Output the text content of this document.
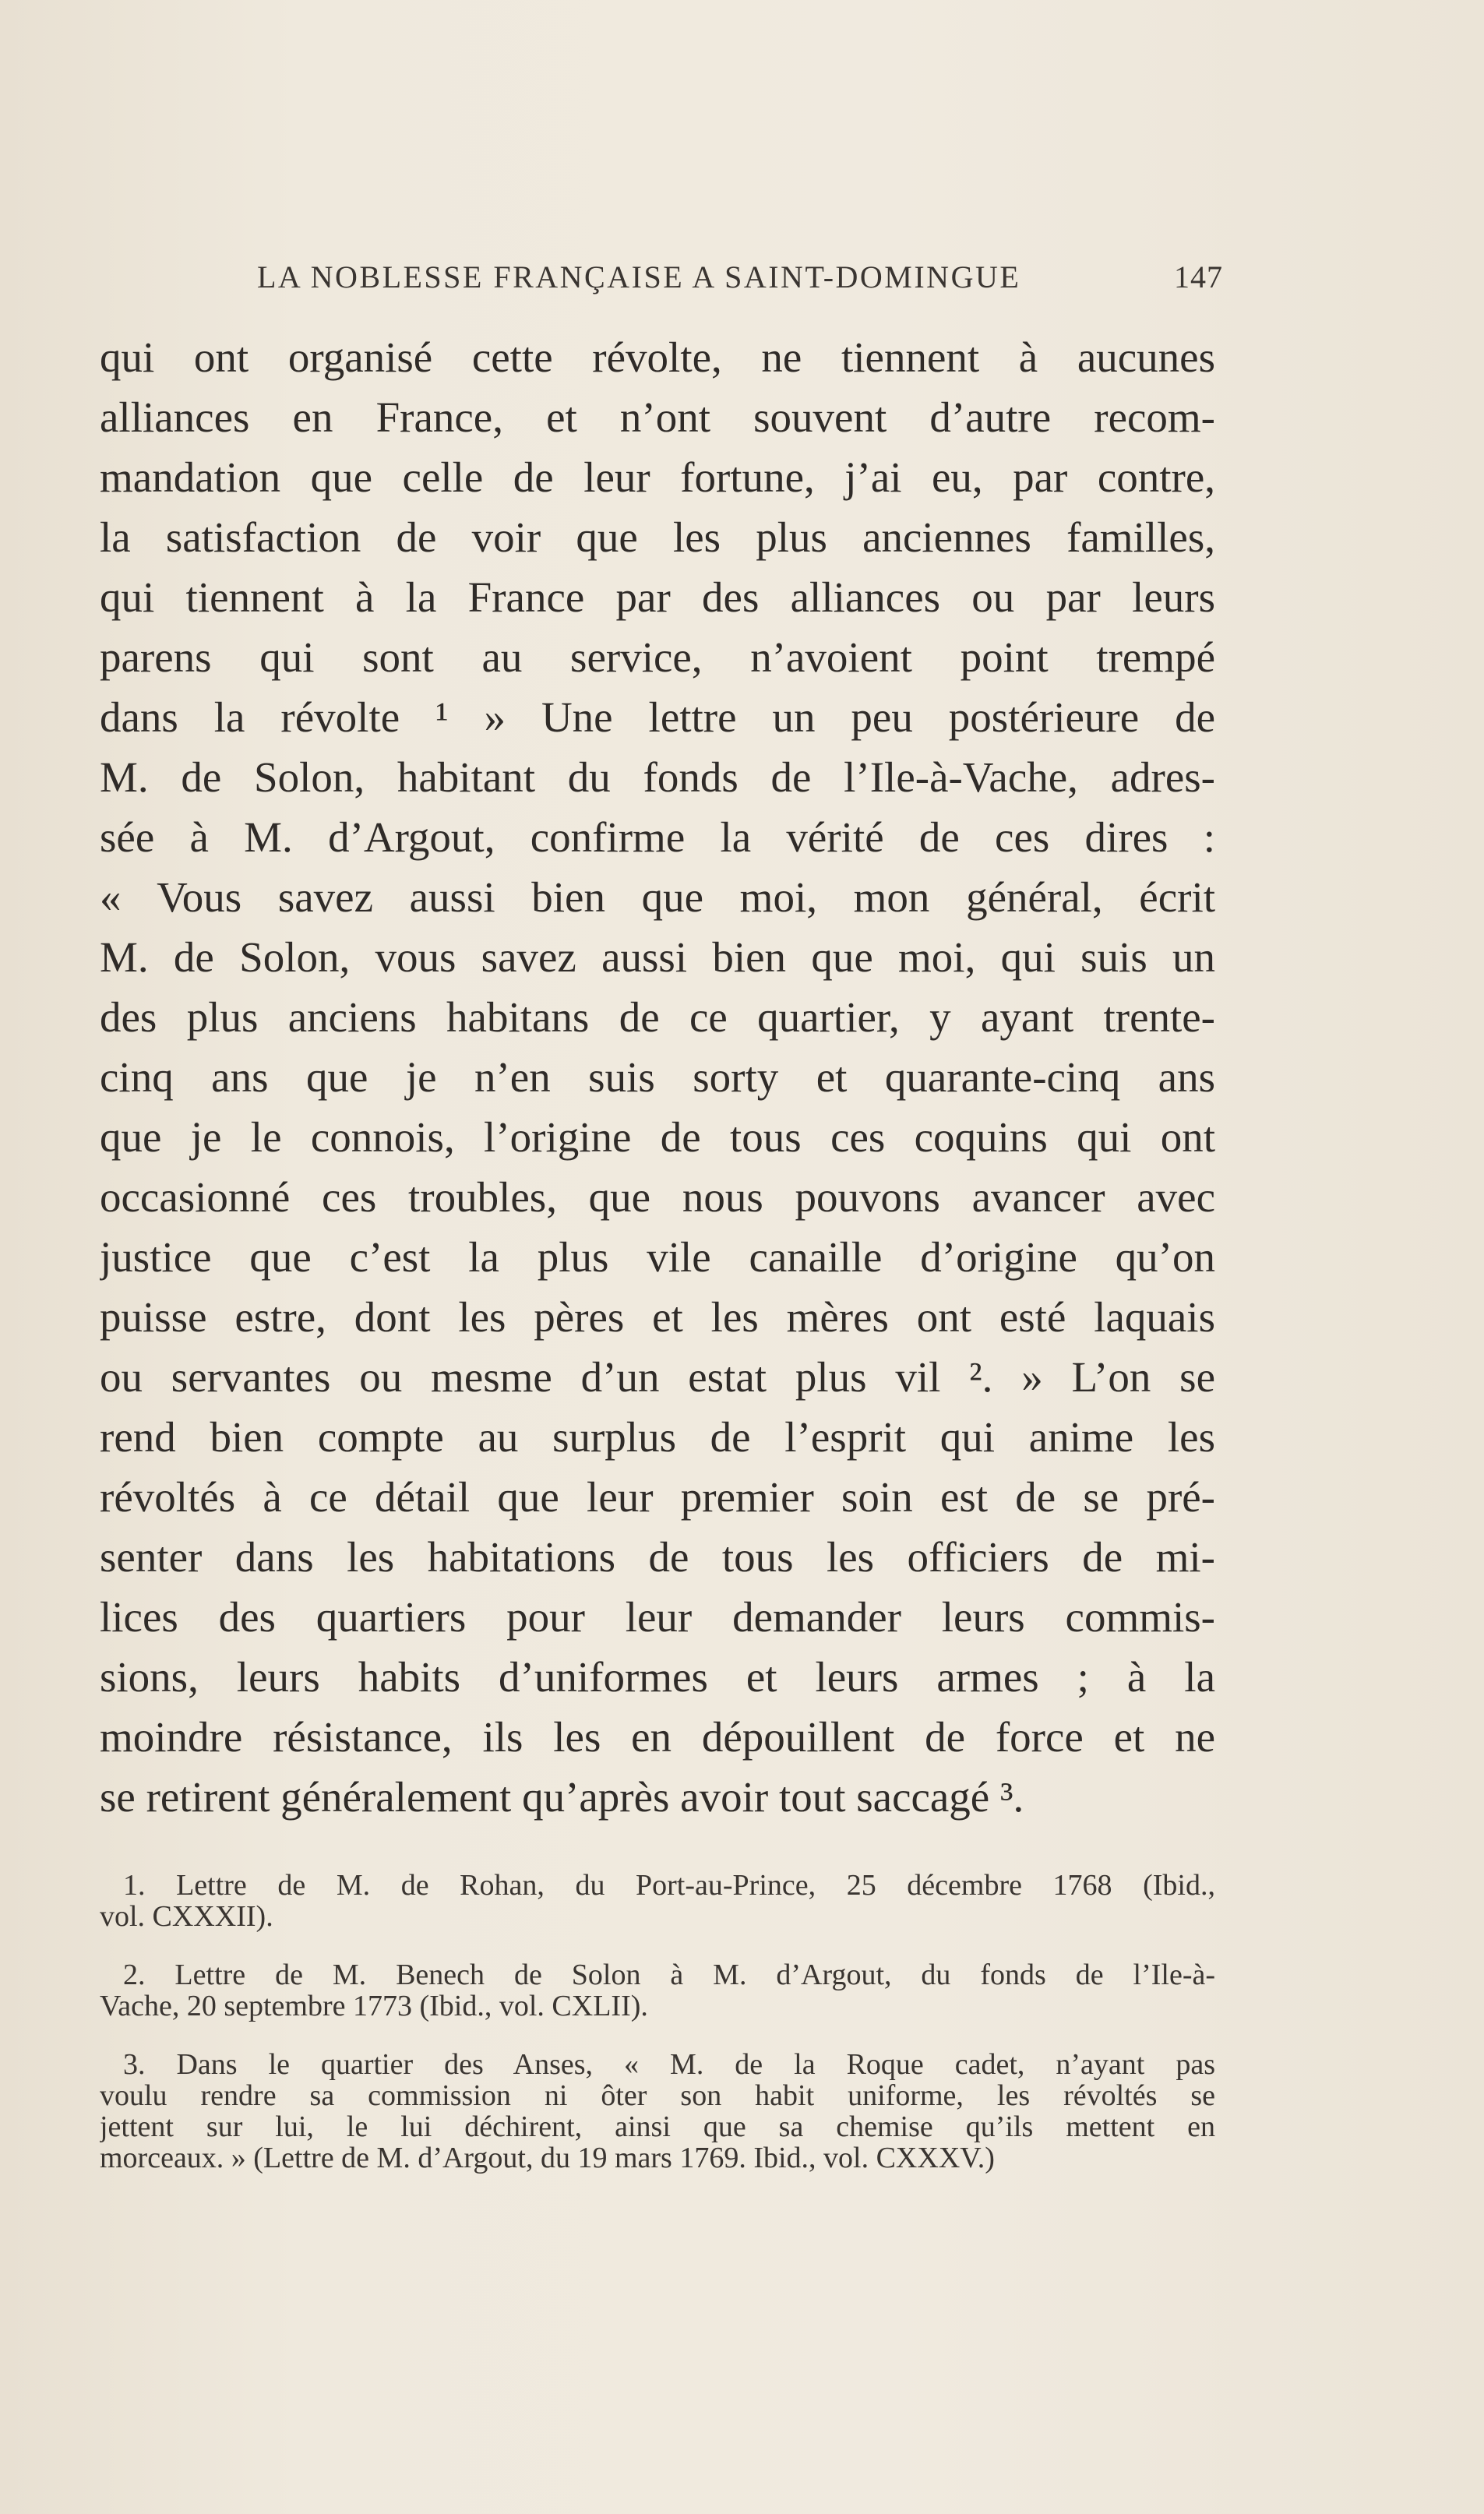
LA NOBLESSE FRANÇAISE A SAINT-DOMINGUE	147
qui ont organisé cette révolte, ne tiennent à aucunes
alliances en France, et n’ont souvent d’autre recom-
mandation que celle de leur fortune, j’ai eu, par contre,
la satisfaction de voir que les plus anciennes familles,
qui tiennent à la France par des alliances ou par leurs
parens qui sont au service, n’avoient point trempé
dans la révolte ¹ » Une lettre un peu postérieure de
M. de Solon, habitant du fonds de l’Ile-à-Vache, adres-
sée à M. d’Argout, confirme la vérité de ces dires :
« Vous savez aussi bien que moi, mon général, écrit
M. de Solon, vous savez aussi bien que moi, qui suis un
des plus anciens habitans de ce quartier, y ayant trente-
cinq ans que je n’en suis sorty et quarante-cinq ans
que je le connois, l’origine de tous ces coquins qui ont
occasionné ces troubles, que nous pouvons avancer avec
justice que c’est la plus vile canaille d’origine qu’on
puisse estre, dont les pères et les mères ont esté laquais
ou servantes ou mesme d’un estat plus vil ². » L’on se
rend bien compte au surplus de l’esprit qui anime les
révoltés à ce détail que leur premier soin est de se pré-
senter dans les habitations de tous les officiers de mi-
lices des quartiers pour leur demander leurs commis-
sions, leurs habits d’uniformes et leurs armes ; à la
moindre résistance, ils les en dépouillent de force et ne
se retirent généralement qu’après avoir tout saccagé ³.
1. Lettre de M. de Rohan, du Port-au-Prince, 25 décembre 1768 (Ibid.,
vol. CXXXII).
2. Lettre de M. Benech de Solon à M. d’Argout, du fonds de l’Ile-à-
Vache, 20 septembre 1773 (Ibid., vol. CXLII).
3. Dans le quartier des Anses, « M. de la Roque cadet, n’ayant pas
voulu rendre sa commission ni ôter son habit uniforme, les révoltés se
jettent sur lui, le lui déchirent, ainsi que sa chemise qu’ils mettent en
morceaux. » (Lettre de M. d’Argout, du 19 mars 1769. Ibid., vol. CXXXV.)
